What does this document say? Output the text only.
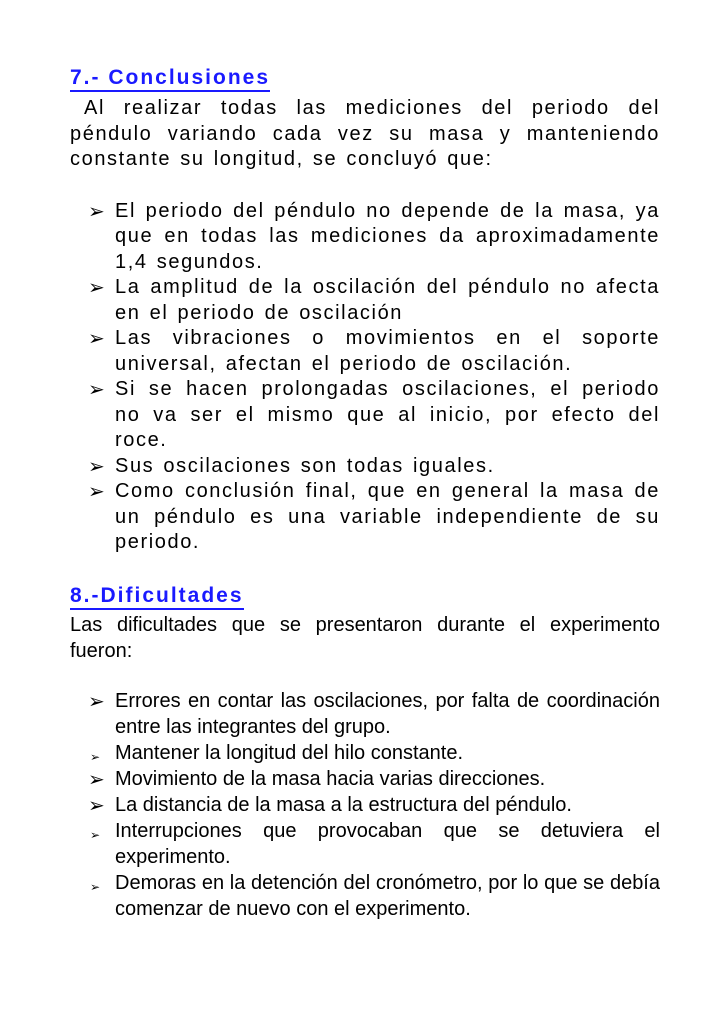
7.- Conclusiones

Al realizar todas las mediciones del periodo del péndulo variando cada vez su masa y manteniendo constante su longitud, se concluyó que:

➢ El periodo del péndulo no depende de la masa, ya que en todas las mediciones da aproximadamente 1,4 segundos.
➢ La amplitud de la oscilación del péndulo no afecta en el periodo de oscilación
➢ Las vibraciones o movimientos en el soporte universal, afectan el periodo de oscilación.
➢ Si se hacen prolongadas oscilaciones, el periodo no va ser el mismo que al inicio, por efecto del roce.
➢ Sus oscilaciones son todas iguales.
➢ Como conclusión final, que en general la masa de un péndulo es una variable independiente de su periodo.
8.-Dificultades

Las dificultades que se presentaron durante el experimento fueron:

➢ Errores en contar las oscilaciones, por falta de coordinación entre las integrantes del grupo.
➢ Mantener la longitud del hilo constante.
➢ Movimiento de la masa hacia varias direcciones.
➢ La distancia de la masa a la estructura del péndulo.
➢ Interrupciones que provocaban que se detuviera el experimento.
➢ Demoras en la detención del cronómetro, por lo que se debía comenzar de nuevo con el experimento.
